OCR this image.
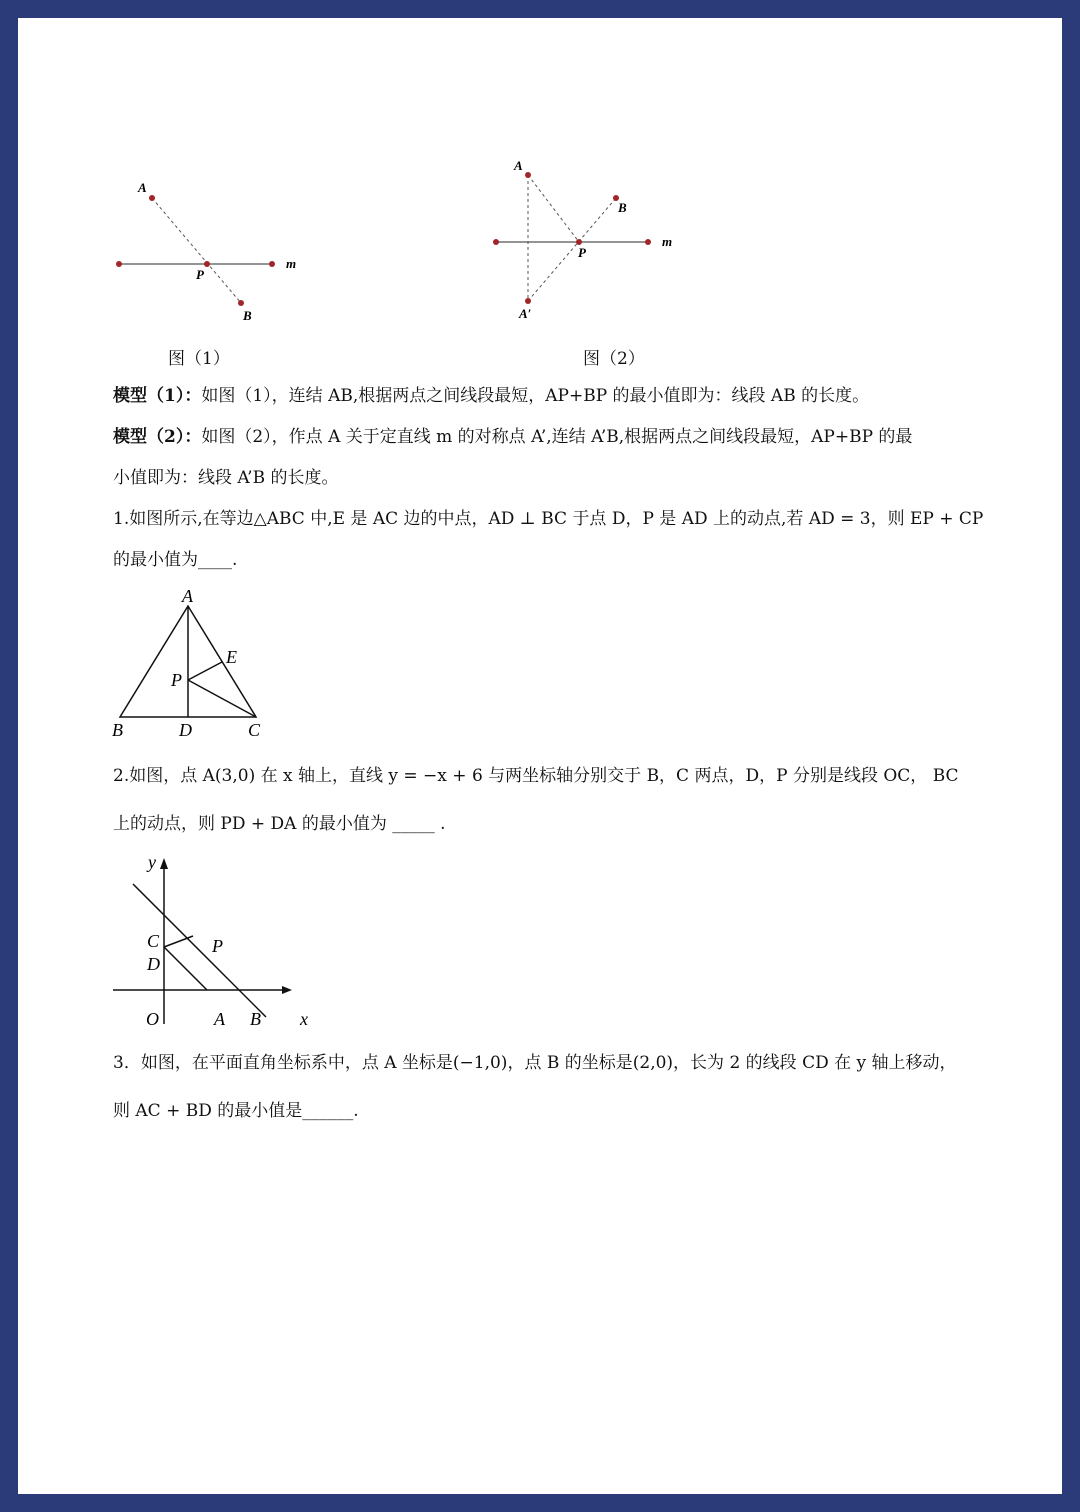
A
P
m
B
图（1）
A
B
P
m
A′
图（2）
模型（1）：如图（1），连结 AB,根据两点之间线段最短，AP+BP 的最小值即为：线段 AB 的长度。
模型（2）：如图（2），作点 A 关于定直线 m 的对称点 A’,连结 A’B,根据两点之间线段最短，AP+BP 的最
小值即为：线段 A’B 的长度。
1.如图所示,在等边△ABC 中,E 是 AC 边的中点，AD ⊥ BC 于点 D，P 是 AD 上的动点,若 AD = 3，则 EP + CP
的最小值为____.
A
E
P
B	D	C
2.如图，点 A(3,0) 在 x 轴上，直线 y = −x + 6 与两坐标轴分别交于 B，C 两点，D，P 分别是线段 OC， BC
上的动点，则 PD + DA 的最小值为 _____ .
y
C	P
D
O	A B x
3．如图，在平面直角坐标系中，点 A 坐标是(−1,0)，点 B 的坐标是(2,0)，长为 2 的线段 CD 在 y 轴上移动，
则 AC + BD 的最小值是______.
